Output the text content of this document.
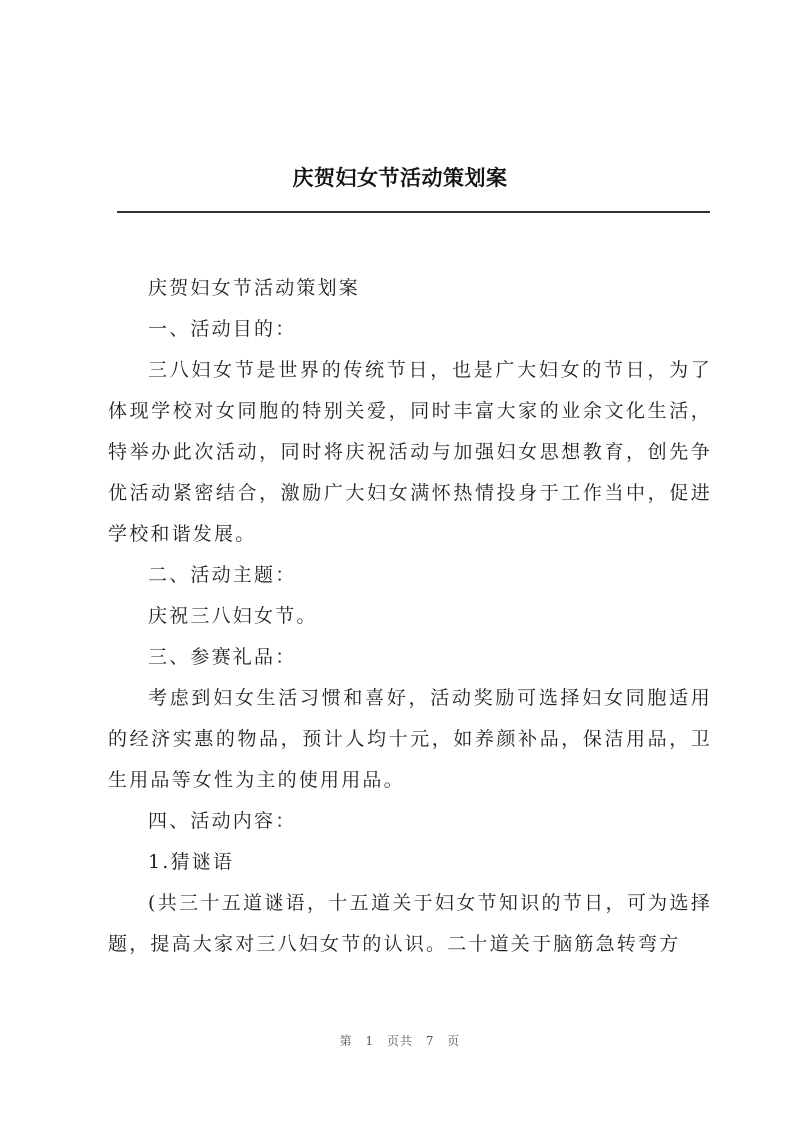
庆贺妇女节活动策划案

庆贺妇女节活动策划案

一、活动目的：

三八妇女节是世界的传统节日，也是广大妇女的节日，为了体现学校对女同胞的特别关爱，同时丰富大家的业余文化生活，特举办此次活动，同时将庆祝活动与加强妇女思想教育，创先争优活动紧密结合，激励广大妇女满怀热情投身于工作当中，促进学校和谐发展。

二、活动主题：

庆祝三八妇女节。

三、参赛礼品：

考虑到妇女生活习惯和喜好，活动奖励可选择妇女同胞适用的经济实惠的物品，预计人均十元，如养颜补品，保洁用品，卫生用品等女性为主的使用用品。

四、活动内容：

1.猜谜语

(共三十五道谜语，十五道关于妇女节知识的节日，可为选择题，提高大家对三八妇女节的认识。二十道关于脑筋急转弯方

第 1 页共 7 页
